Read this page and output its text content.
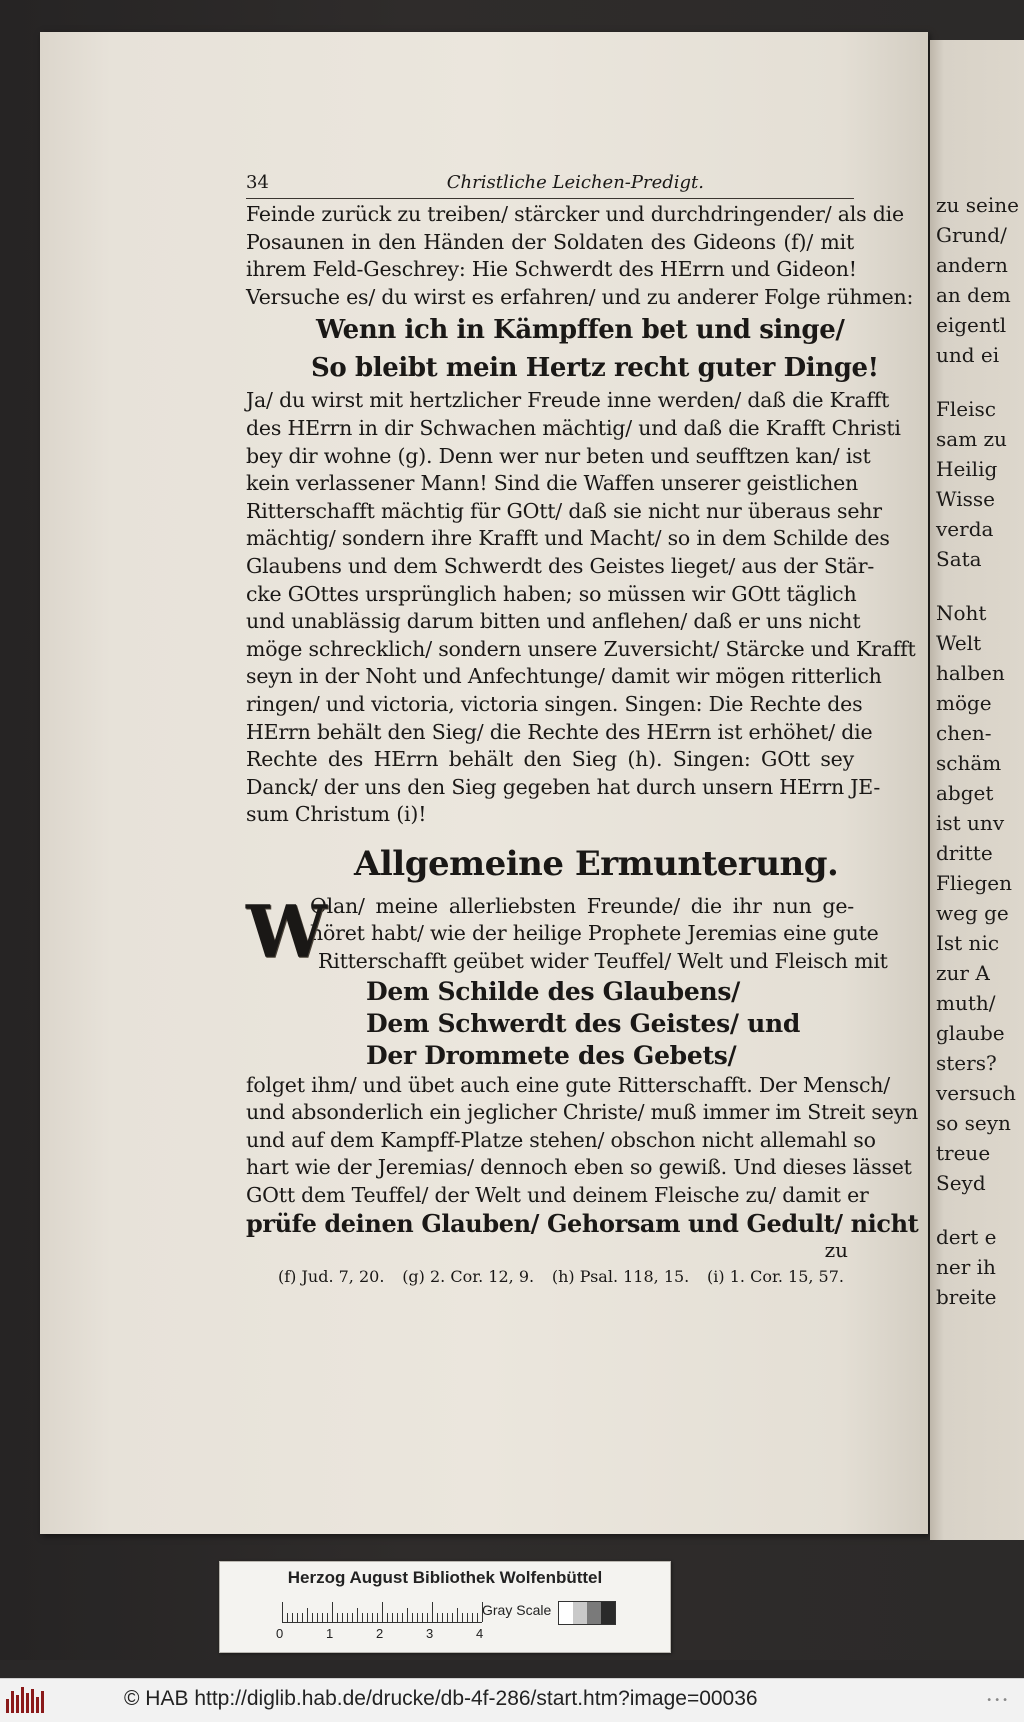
zu seine
Grund/
andern
an dem
eigentl
und ei
Fleisc
sam zu
Heilig
Wisse
verda
Sata
Noht
Welt
halben
möge
chen-
schäm
abget
ist unv
dritte
Fliegen
weg ge
Ist nic
zur A
muth/
glaube
sters?
versuch
so seyn
treue
Seyd
dert e
ner ih
breite
34	Christliche Leichen-Predigt.
Feinde zurück zu treiben/ stärcker und durchdringender/ als die
Posaunen in den Händen der Soldaten des Gideons (f)/ mit
ihrem Feld-Geschrey: Hie Schwerdt des HErrn und Gideon!
Versuche es/ du wirst es erfahren/ und zu anderer Folge rühmen:
Wenn ich in Kämpffen bet und singe/
So bleibt mein Hertz recht guter Dinge!
Ja/ du wirst mit hertzlicher Freude inne werden/ daß die Krafft
des HErrn in dir Schwachen mächtig/ und daß die Krafft Christi
bey dir wohne (g). Denn wer nur beten und seufftzen kan/ ist
kein verlassener Mann! Sind die Waffen unserer geistlichen
Ritterschafft mächtig für GOtt/ daß sie nicht nur überaus sehr
mächtig/ sondern ihre Krafft und Macht/ so in dem Schilde des
Glaubens und dem Schwerdt des Geistes lieget/ aus der Stär-
cke GOttes ursprünglich haben; so müssen wir GOtt täglich
und unablässig darum bitten und anflehen/ daß er uns nicht
möge schrecklich/ sondern unsere Zuversicht/ Stärcke und Krafft
seyn in der Noht und Anfechtunge/ damit wir mögen ritterlich
ringen/ und victoria, victoria singen. Singen: Die Rechte des
HErrn behält den Sieg/ die Rechte des HErrn ist erhöhet/ die
Rechte des HErrn behält den Sieg (h). Singen: GOtt sey
Danck/ der uns den Sieg gegeben hat durch unsern HErrn JE-
sum Christum (i)!
Allgemeine Ermunterung.
W
Olan/ meine allerliebsten Freunde/ die ihr nun ge-
höret habt/ wie der heilige Prophete Jeremias eine gute
Ritterschafft geübet wider Teuffel/ Welt und Fleisch mit
Dem Schilde des Glaubens/
Dem Schwerdt des Geistes/ und
Der Drommete des Gebets/
folget ihm/ und übet auch eine gute Ritterschafft. Der Mensch/
und absonderlich ein jeglicher Christe/ muß immer im Streit seyn
und auf dem Kampff-Platze stehen/ obschon nicht allemahl so
hart wie der Jeremias/ dennoch eben so gewiß. Und dieses lässet
GOtt dem Teuffel/ der Welt und deinem Fleische zu/ damit er
prüfe deinen Glauben/ Gehorsam und Gedult/ nicht
zu
(f) Jud. 7, 20. (g) 2. Cor. 12, 9. (h) Psal. 118, 15. (i) 1. Cor. 15, 57.
Herzog August Bibliothek Wolfenbüttel
0	1	2	3	4
Gray Scale
© HAB http://diglib.hab.de/drucke/db-4f-286/start.htm?image=00036	•••
